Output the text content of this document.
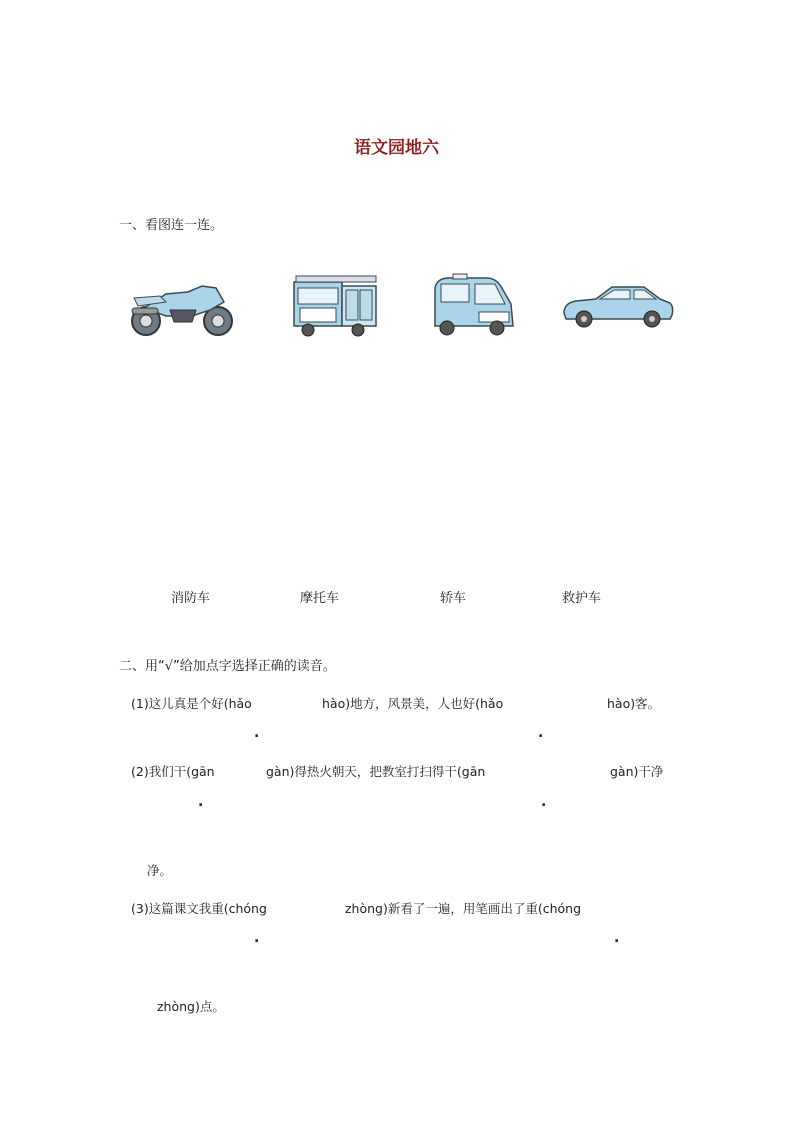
语文园地六
一、看图连一连。
消防车	摩托车	轿车	救护车
二、用“√”给加点字选择正确的读音。
(1)这儿真是个好(hǎo	hào)地方，风景美，人也好(hǎo	hào)客。
.	.
(2)我们干(gān	gàn)得热火朝天，把教室打扫得干(gān	gàn)干净
.	.
净。
(3)这篇课文我重(chóng	zhòng)新看了一遍，用笔画出了重(chóng
.	.
zhòng)点。
